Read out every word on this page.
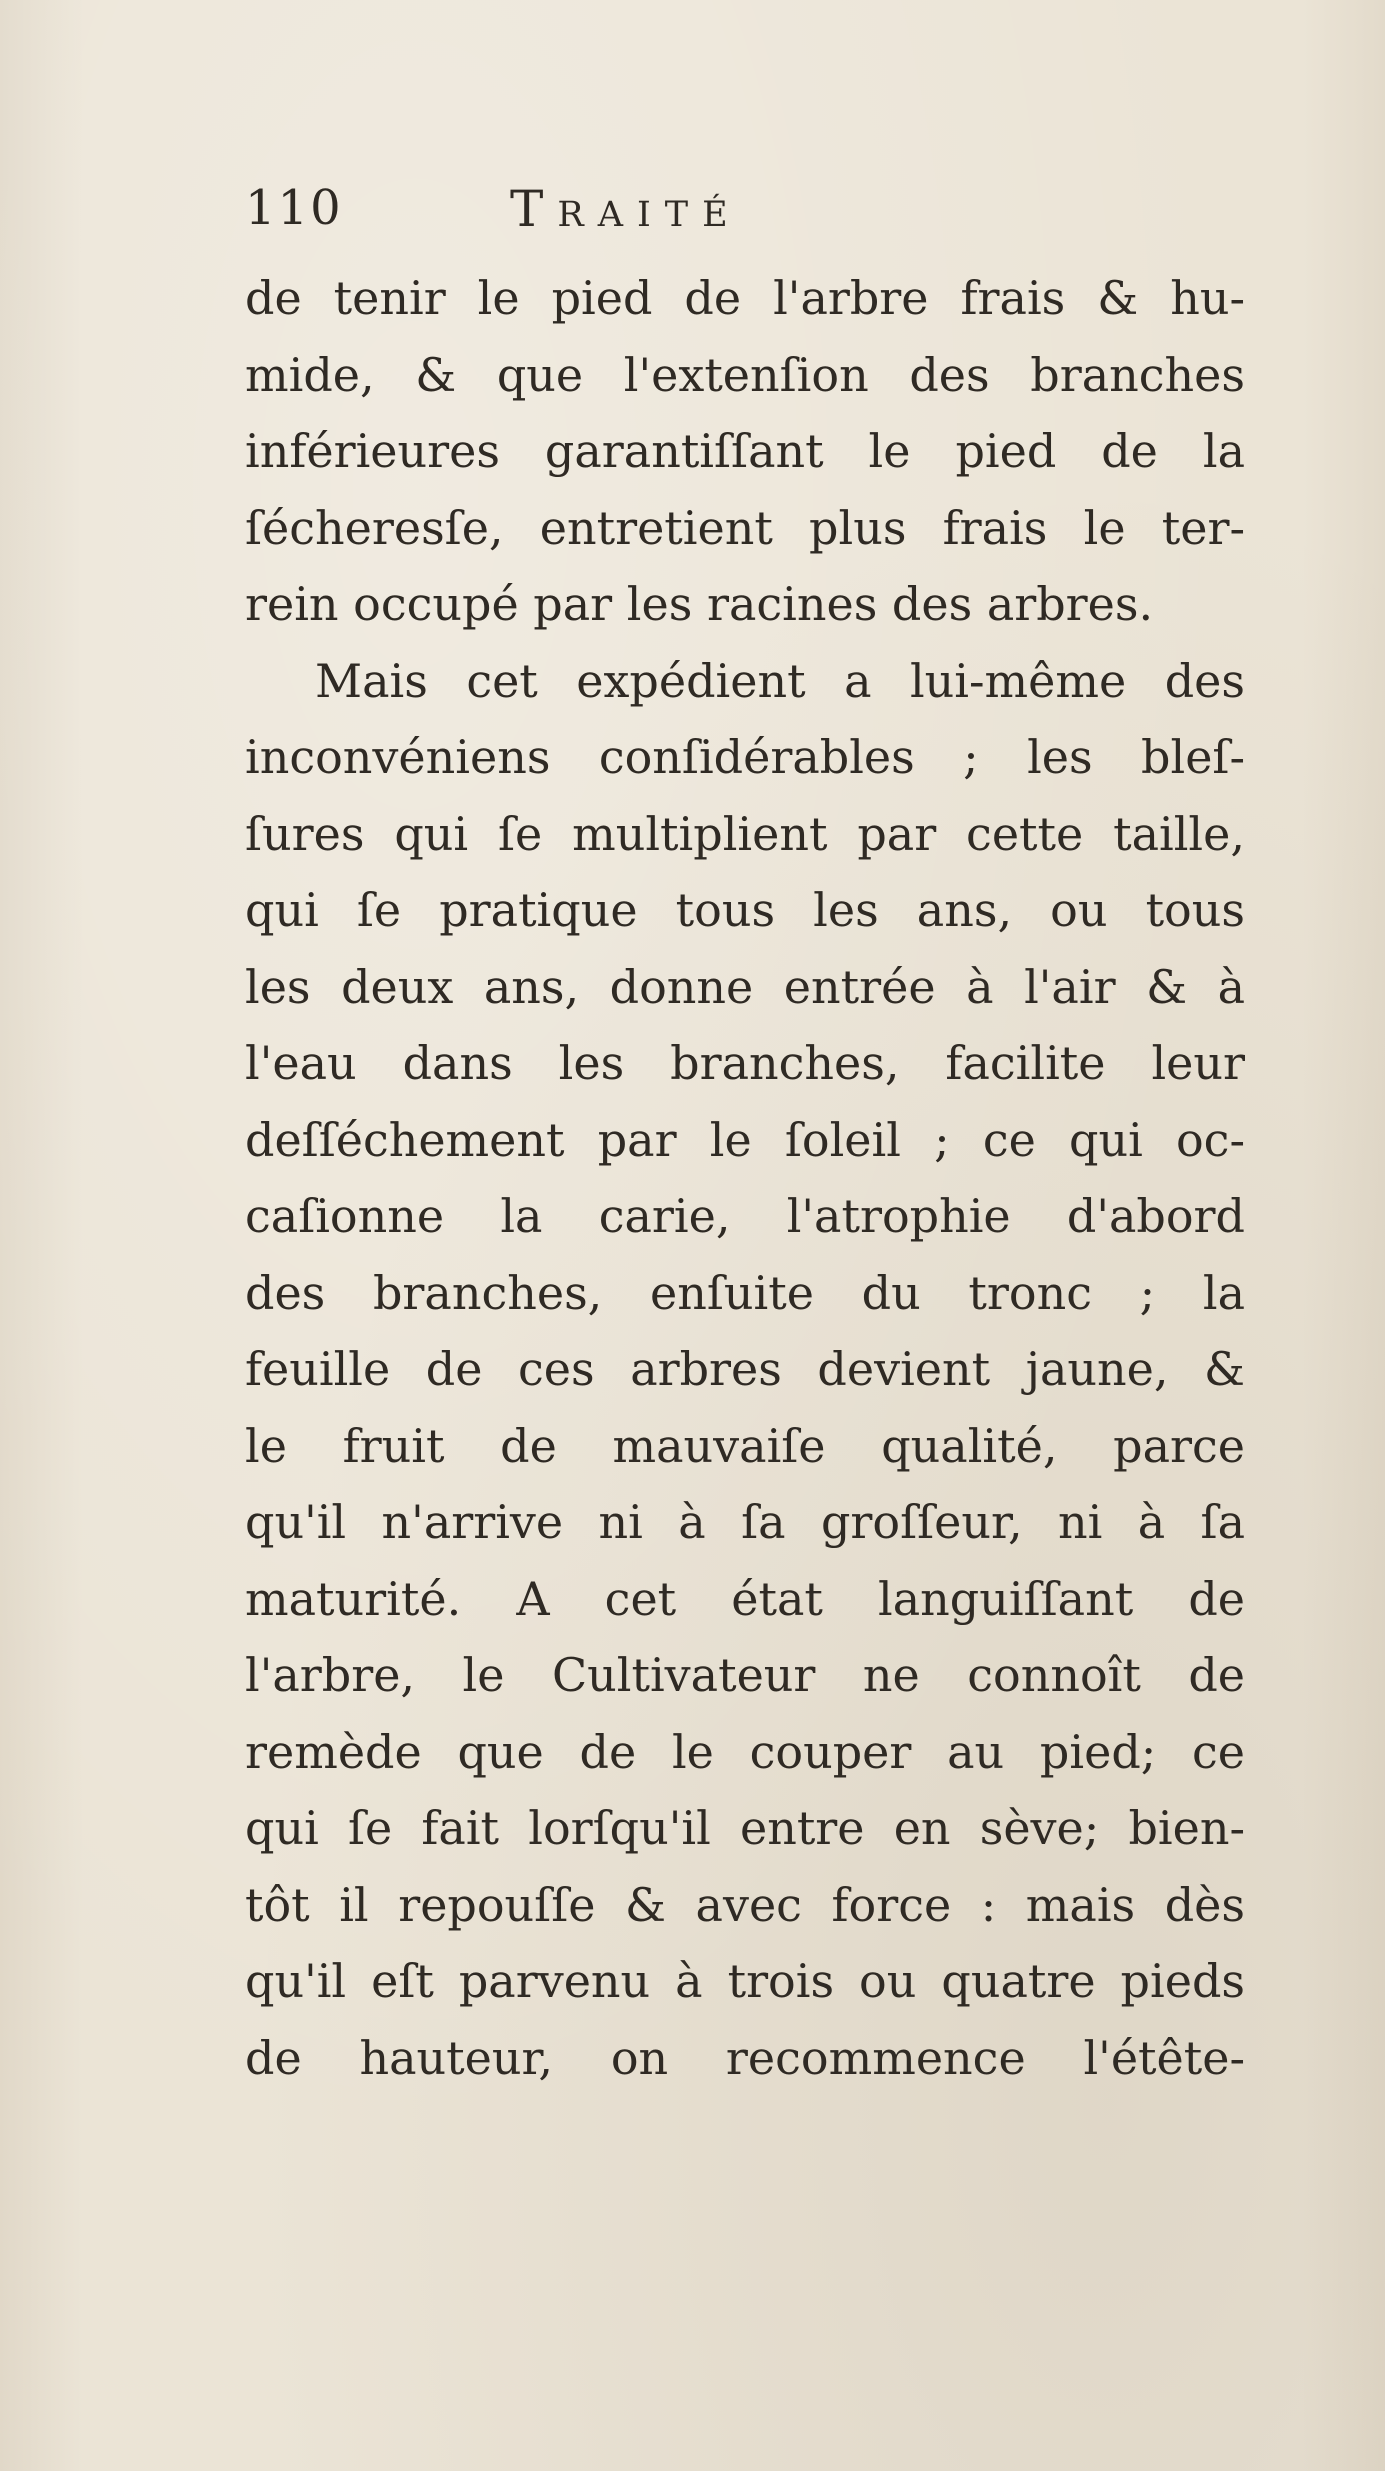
110	Traité
de tenir le pied de l'arbre frais & hu-
mide, & que l'extenſion des branches
inférieures garantiſſant le pied de la
ſécheresſe, entretient plus frais le ter-
rein occupé par les racines des arbres.
Mais cet expédient a lui-même des
inconvéniens conſidérables ; les bleſ-
ſures qui ſe multiplient par cette taille,
qui ſe pratique tous les ans, ou tous
les deux ans, donne entrée à l'air & à
l'eau dans les branches, facilite leur
deſſéchement par le ſoleil ; ce qui oc-
caſionne la carie, l'atrophie d'abord
des branches, enſuite du tronc ; la
feuille de ces arbres devient jaune, &
le fruit de mauvaiſe qualité, parce
qu'il n'arrive ni à ſa groſſeur, ni à ſa
maturité. A cet état languiſſant de
l'arbre, le Cultivateur ne connoît de
remède que de le couper au pied; ce
qui ſe fait lorſqu'il entre en sève; bien-
tôt il repouſſe & avec force : mais dès
qu'il eſt parvenu à trois ou quatre pieds
de hauteur, on recommence l'étête-
